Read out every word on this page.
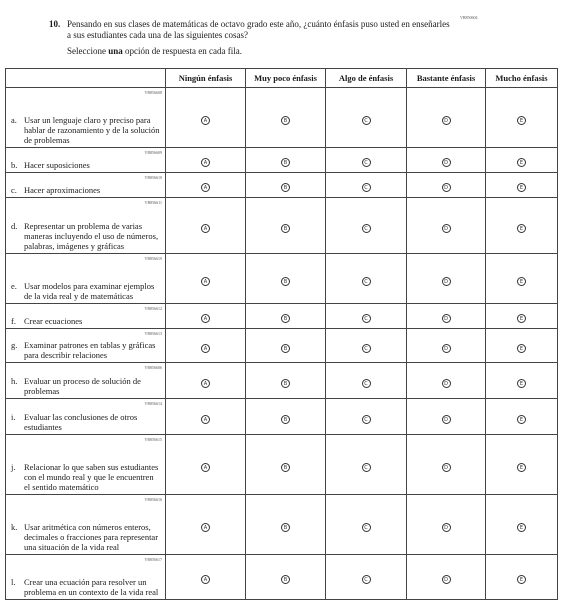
10. Pensando en sus clases de matemáticas de octavo grado este año, ¿cuánto énfasis puso usted en enseñarles a sus estudiantes cada una de las siguientes cosas?
Seleccione una opción de respuesta en cada fila.
VB850604
	Ningún énfasis	Muy poco énfasis	Algo de énfasis	Bastante énfasis	Mucho énfasis

VB856608
a. Usar un lenguaje claro y preciso para hablar de razonamiento y de la solución de problemas	A	B	C	D	E

VB856609
b. Hacer suposiciones	A	B	C	D	E

VB856610
c. Hacer aproximaciones	A	B	C	D	E

VB856611
d. Representar un problema de varias maneras incluyendo el uso de números, palabras, imágenes y gráficas	A	B	C	D	E

VB856619
e. Usar modelos para examinar ejemplos de la vida real y de matemáticas	A	B	C	D	E

VB856612
f. Crear ecuaciones	A	B	C	D	E

VB856613
g. Examinar patrones en tablas y gráficas para describir relaciones	A	B	C	D	E

VB856606
h. Evaluar un proceso de solución de problemas	A	B	C	D	E

VB856614
i. Evaluar las conclusiones de otros estudiantes	A	B	C	D	E

VB856615
j. Relacionar lo que saben sus estudiantes con el mundo real y que le encuentren el sentido matemático	A	B	C	D	E

VB856616
k. Usar aritmética con números enteros, decimales o fracciones para representar una situación de la vida real	A	B	C	D	E

VB856617
l. Crear una ecuación para resolver un problema en un contexto de la vida real	A	B	C	D	E
